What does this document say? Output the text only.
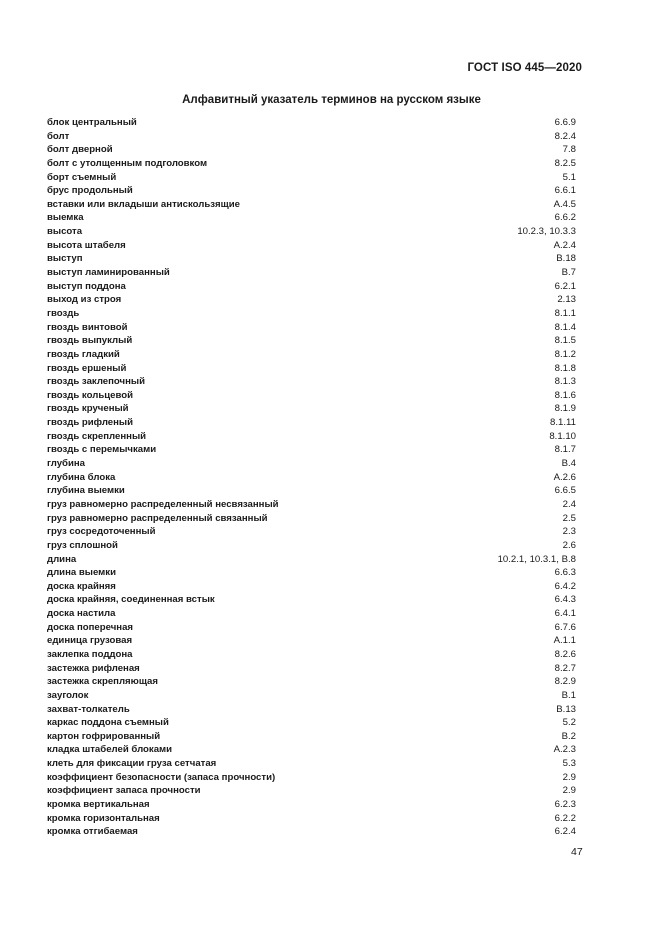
ГОСТ ISO 445—2020
Алфавитный указатель терминов на русском языке
блок центральный	6.6.9
болт	8.2.4
болт дверной	7.8
болт с утолщенным подголовком	8.2.5
борт съемный	5.1
брус продольный	6.6.1
вставки или вкладыши антискользящие	А.4.5
выемка	6.6.2
высота	10.2.3, 10.3.3
высота штабеля	А.2.4
выступ	В.18
выступ ламинированный	В.7
выступ поддона	6.2.1
выход из строя	2.13
гвоздь	8.1.1
гвоздь винтовой	8.1.4
гвоздь выпуклый	8.1.5
гвоздь гладкий	8.1.2
гвоздь ершеный	8.1.8
гвоздь заклепочный	8.1.3
гвоздь кольцевой	8.1.6
гвоздь крученый	8.1.9
гвоздь рифленый	8.1.11
гвоздь скрепленный	8.1.10
гвоздь с перемычками	8.1.7
глубина	В.4
глубина блока	А.2.6
глубина выемки	6.6.5
груз равномерно распределенный несвязанный	2.4
груз равномерно распределенный связанный	2.5
груз сосредоточенный	2.3
груз сплошной	2.6
длина	10.2.1, 10.3.1, В.8
длина выемки	6.6.3
доска крайняя	6.4.2
доска крайняя, соединенная встык	6.4.3
доска настила	6.4.1
доска поперечная	6.7.6
единица грузовая	А.1.1
заклепка поддона	8.2.6
застежка рифленая	8.2.7
застежка скрепляющая	8.2.9
зауголок	В.1
захват-толкатель	В.13
каркас поддона съемный	5.2
картон гофрированный	В.2
кладка штабелей блоками	А.2.3
клеть для фиксации груза сетчатая	5.3
коэффициент безопасности (запаса прочности)	2.9
коэффициент запаса прочности	2.9
кромка вертикальная	6.2.3
кромка горизонтальная	6.2.2
кромка отгибаемая	6.2.4
47
